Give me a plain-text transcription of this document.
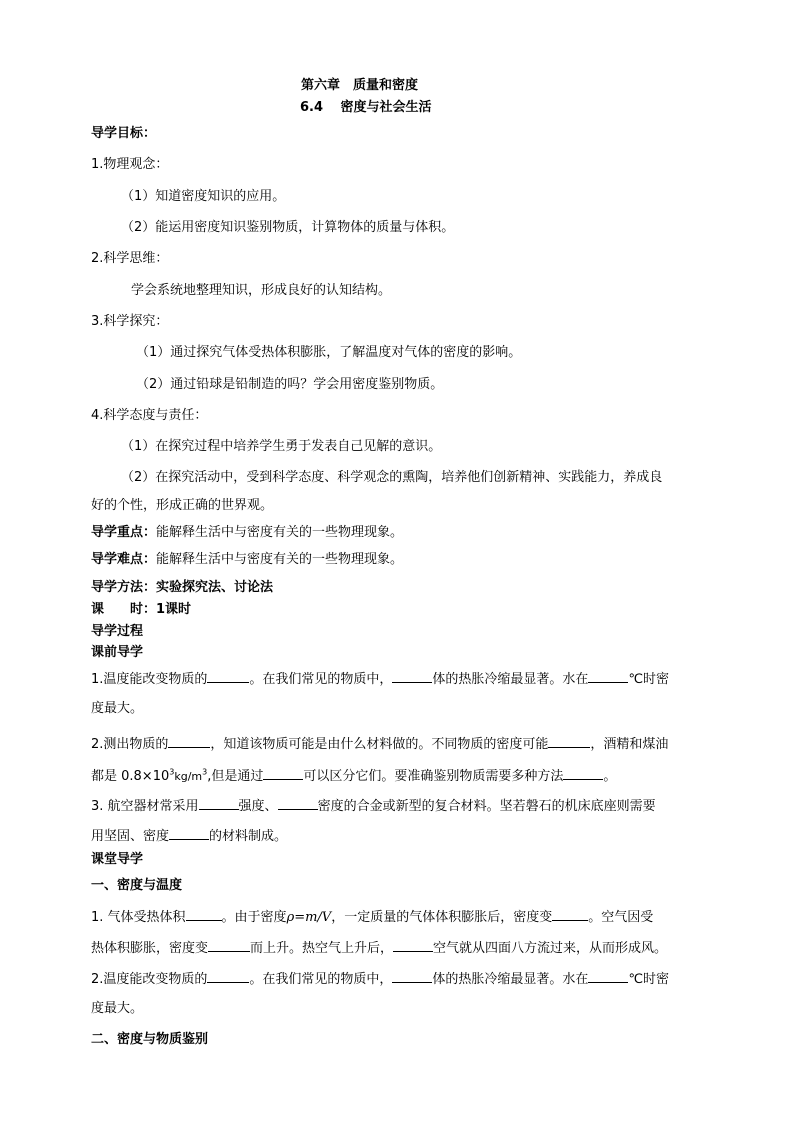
第六章　质量和密度
6.4　 密度与社会生活
导学目标：
1.物理观念：
（1）知道密度知识的应用。
（2）能运用密度知识鉴别物质，计算物体的质量与体积。
2.科学思维：
学会系统地整理知识，形成良好的认知结构。
3.科学探究：
（1）通过探究气体受热体积膨胀，了解温度对气体的密度的影响。
（2）通过铅球是铅制造的吗？学会用密度鉴别物质。
4.科学态度与责任：
（1）在探究过程中培养学生勇于发表自己见解的意识。
（2）在探究活动中，受到科学态度、科学观念的熏陶，培养他们创新精神、实践能力，养成良
好的个性，形成正确的世界观。
导学重点：能解释生活中与密度有关的一些物理现象。
导学难点：能解释生活中与密度有关的一些物理现象。
导学方法：实验探究法、讨论法
课　　时：1课时
导学过程
课前导学
1.温度能改变物质的	。在我们常见的物质中，	体的热胀冷缩最显著。水在	℃时密
度最大。
2.测出物质的	，知道该物质可能是由什么材料做的。不同物质的密度可能	，酒精和煤油
都是 $0.8\times 10^3kg/m^3$,但是通过	可以区分它们。要准确鉴别物质需要多种方法	。
3. 航空器材常采用	强度、	密度的合金或新型的复合材料。坚若磐石的机床底座则需要
用坚固、密度	的材料制成。
课堂导学
一、密度与温度
1. 气体受热体积	。由于密度ρ=m/V，一定质量的气体体积膨胀后，密度变	。空气因受
热体积膨胀，密度变	而上升。热空气上升后，	空气就从四面八方流过来，从而形成风。
2.温度能改变物质的	。在我们常见的物质中，	体的热胀冷缩最显著。水在	℃时密
度最大。
二、密度与物质鉴别
